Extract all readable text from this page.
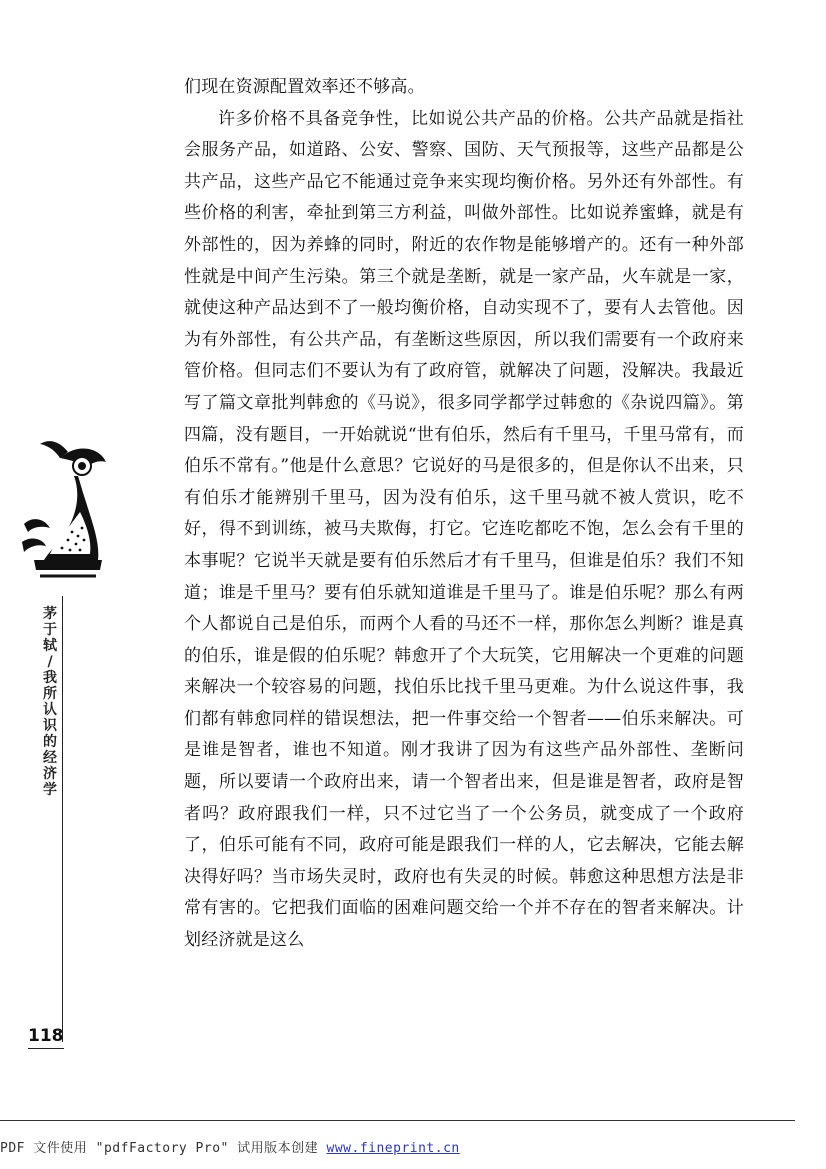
茅
于
轼
/
我
所
认
识
的
经
济
学

们现在资源配置效率还不够高。

许多价格不具备竞争性，比如说公共产品的价格。公共产品就是指社会服务产品，如道路、公安、警察、国防、天气预报等，这些产品都是公共产品，这些产品它不能通过竞争来实现均衡价格。另外还有外部性。有些价格的利害，牵扯到第三方利益，叫做外部性。比如说养蜜蜂，就是有外部性的，因为养蜂的同时，附近的农作物是能够增产的。还有一种外部性就是中间产生污染。第三个就是垄断，就是一家产品，火车就是一家，就使这种产品达到不了一般均衡价格，自动实现不了，要有人去管他。因为有外部性，有公共产品，有垄断这些原因，所以我们需要有一个政府来管价格。但同志们不要认为有了政府管，就解决了问题，没解决。我最近写了篇文章批判韩愈的《马说》，很多同学都学过韩愈的《杂说四篇》。第四篇，没有题目，一开始就说“世有伯乐，然后有千里马，千里马常有，而伯乐不常有。”他是什么意思？它说好的马是很多的，但是你认不出来，只有伯乐才能辨别千里马，因为没有伯乐，这千里马就不被人赏识，吃不好，得不到训练，被马夫欺侮，打它。它连吃都吃不饱，怎么会有千里的本事呢？它说半天就是要有伯乐然后才有千里马，但谁是伯乐？我们不知道；谁是千里马？要有伯乐就知道谁是千里马了。谁是伯乐呢？那么有两个人都说自己是伯乐，而两个人看的马还不一样，那你怎么判断？谁是真的伯乐，谁是假的伯乐呢？韩愈开了个大玩笑，它用解决一个更难的问题来解决一个较容易的问题，找伯乐比找千里马更难。为什么说这件事，我们都有韩愈同样的错误想法，把一件事交给一个智者——伯乐来解决。可是谁是智者，谁也不知道。刚才我讲了因为有这些产品外部性、垄断问题，所以要请一个政府出来，请一个智者出来，但是谁是智者，政府是智者吗？政府跟我们一样，只不过它当了一个公务员，就变成了一个政府了，伯乐可能有不同，政府可能是跟我们一样的人，它去解决，它能去解决得好吗？当市场失灵时，政府也有失灵的时候。韩愈这种思想方法是非常有害的。它把我们面临的困难问题交给一个并不存在的智者来解决。计划经济就是这么

118
PDF 文件使用 "pdfFactory Pro" 试用版本创建 www.fineprint.cn
